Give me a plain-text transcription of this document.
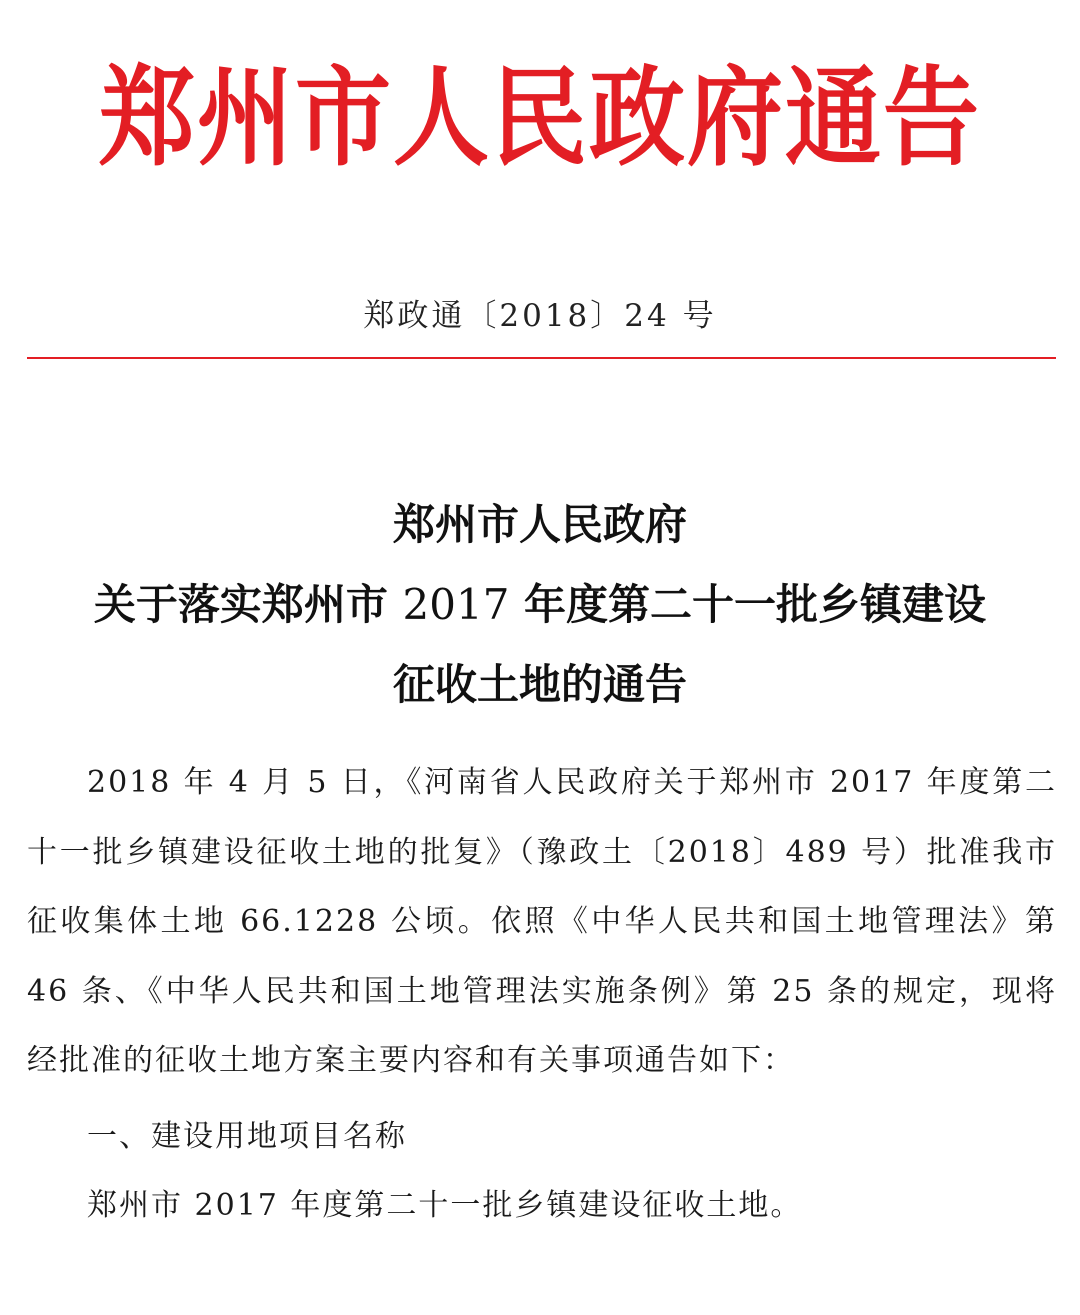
郑州市人民政府通告
郑政通〔2018〕24 号
郑州市人民政府
关于落实郑州市 2017 年度第二十一批乡镇建设
征收土地的通告

2018 年 4 月 5 日，《河南省人民政府关于郑州市 2017 年度第二十一批乡镇建设征收土地的批复》（豫政土〔2018〕489 号）批准我市征收集体土地 66.1228 公顷。依照《中华人民共和国土地管理法》第 46 条、《中华人民共和国土地管理法实施条例》第 25 条的规定，现将经批准的征收土地方案主要内容和有关事项通告如下：

一、建设用地项目名称

郑州市 2017 年度第二十一批乡镇建设征收土地。
